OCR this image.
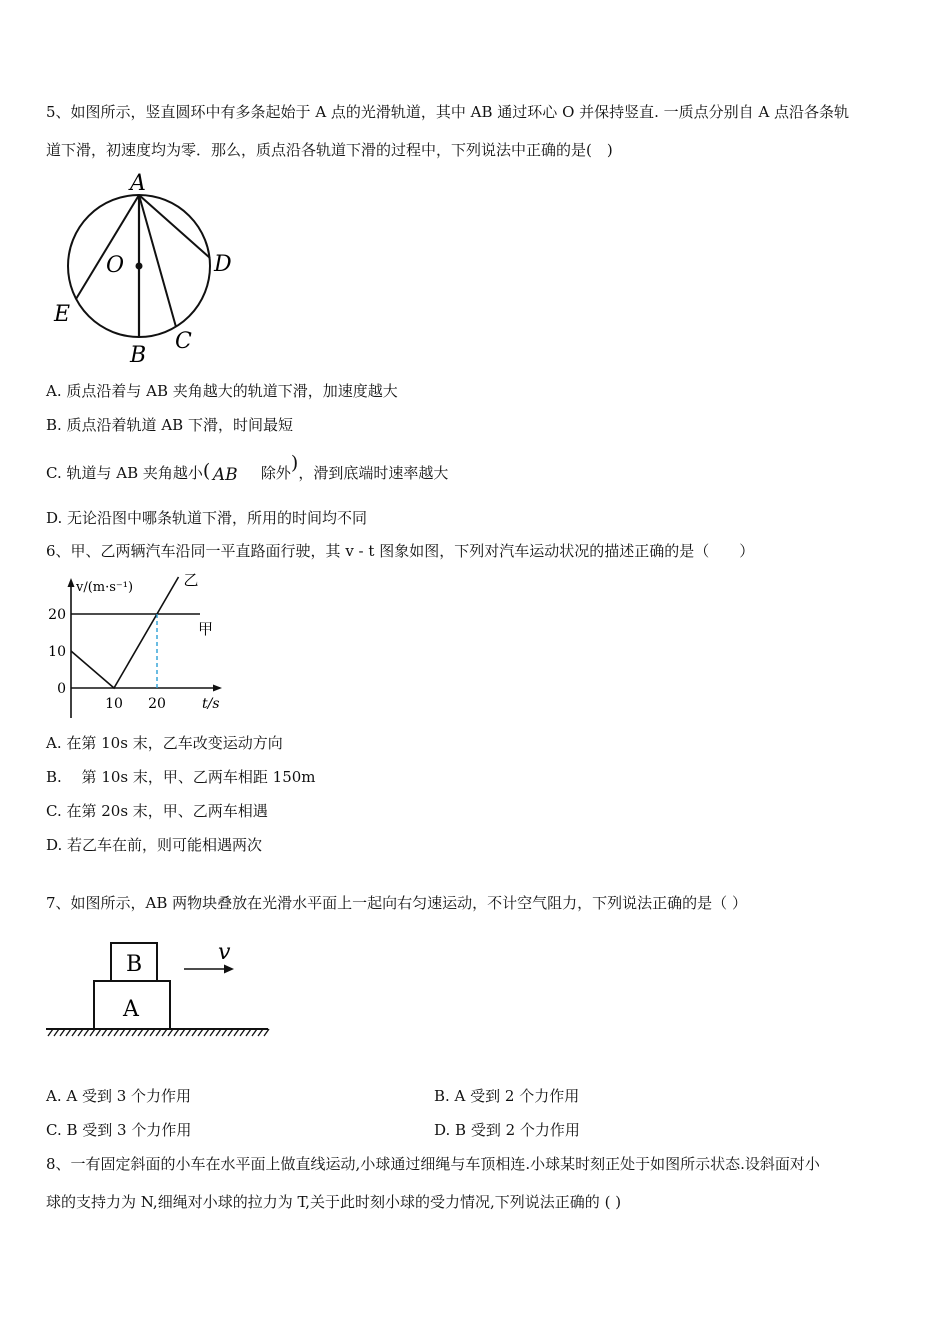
5、如图所示，竖直圆环中有多条起始于 A 点的光滑轨道，其中 AB 通过环心 O 并保持竖直. 一质点分别自 A 点沿各条轨
道下滑，初速度均为零．那么，质点沿各轨道下滑的过程中，下列说法中正确的是(　)
A
O	D
E
C
B
A. 质点沿着与 AB 夹角越大的轨道下滑，加速度越大
B. 质点沿着轨道 AB 下滑，时间最短
C. 轨道与 AB 夹角越小 ( AB 除外)，滑到底端时速率越大
D. 无论沿图中哪条轨道下滑，所用的时间均不同
6、甲、乙两辆汽车沿同一平直路面行驶，其 v - t 图象如图，下列对汽车运动状况的描述正确的是（　　）
0
10
20
10 20
v/(m·s⁻¹)
t/s
甲
乙
A. 在第 10s 末，乙车改变运动方向
B.　 第 10s 末，甲、乙两车相距 150m
C. 在第 20s 末，甲、乙两车相遇
D. 若乙车在前，则可能相遇两次
7、如图所示，AB 两物块叠放在光滑水平面上一起向右匀速运动，不计空气阻力，下列说法正确的是（ ）
B
A
v
A. A 受到 3 个力作用	B. A 受到 2 个力作用
C. B 受到 3 个力作用	D. B 受到 2 个力作用
8、一有固定斜面的小车在水平面上做直线运动,小球通过细绳与车顶相连.小球某时刻正处于如图所示状态.设斜面对小
球的支持力为 N,细绳对小球的拉力为 T,关于此时刻小球的受力情况,下列说法正确的 ( )
